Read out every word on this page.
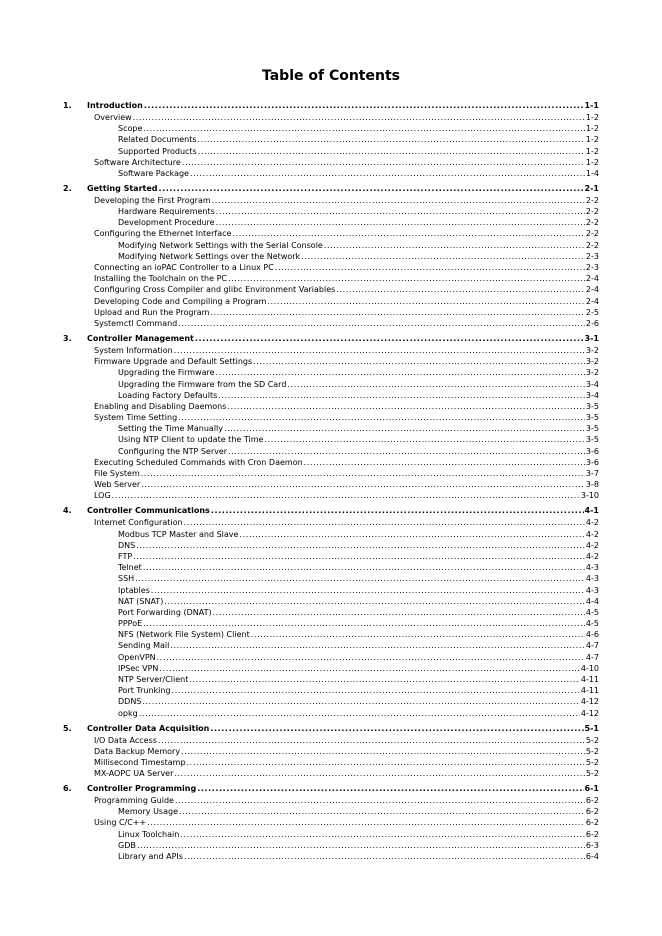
Table of Contents
1. Introduction .....	1-1
Overview .....	1-2
Scope .....	1-2
Related Documents .....	1-2
Supported Products .....	1-2
Software Architecture .....	1-2
Software Package .....	1-4
2. Getting Started .....	2-1
Developing the First Program .....	2-2
Hardware Requirements .....	2-2
Development Procedure .....	2-2
Configuring the Ethernet Interface .....	2-2
Modifying Network Settings with the Serial Console .....	2-2
Modifying Network Settings over the Network .....	2-3
Connecting an ioPAC Controller to a Linux PC .....	2-3
Installing the Toolchain on the PC .....	2-4
Configuring Cross Compiler and glibc Environment Variables .....	2-4
Developing Code and Compiling a Program .....	2-4
Upload and Run the Program .....	2-5
Systemctl Command .....	2-6
3. Controller Management .....	3-1
System Information .....	3-2
Firmware Upgrade and Default Settings .....	3-2
Upgrading the Firmware .....	3-2
Upgrading the Firmware from the SD Card .....	3-4
Loading Factory Defaults .....	3-4
Enabling and Disabling Daemons .....	3-5
System Time Setting .....	3-5
Setting the Time Manually .....	3-5
Using NTP Client to update the Time .....	3-5
Configuring the NTP Server .....	3-6
Executing Scheduled Commands with Cron Daemon .....	3-6
File System .....	3-7
Web Server .....	3-8
LOG .....	3-10
4. Controller Communications .....	4-1
Internet Configuration .....	4-2
Modbus TCP Master and Slave .....	4-2
DNS .....	4-2
FTP .....	4-2
Telnet .....	4-3
SSH .....	4-3
Iptables .....	4-3
NAT (SNAT) .....	4-4
Port Forwarding (DNAT) .....	4-5
PPPoE .....	4-5
NFS (Network File System) Client .....	4-6
Sending Mail .....	4-7
OpenVPN .....	4-7
IPSec VPN .....	4-10
NTP Server/Client .....	4-11
Port Trunking .....	4-11
DDNS .....	4-12
opkg .....	4-12
5. Controller Data Acquisition .....	5-1
I/O Data Access .....	5-2
Data Backup Memory .....	5-2
Millisecond Timestamp .....	5-2
MX-AOPC UA Server .....	5-2
6. Controller Programming .....	6-1
Programming Guide .....	6-2
Memory Usage .....	6-2
Using C/C++ .....	6-2
Linux Toolchain .....	6-2
GDB .....	6-3
Library and APIs .....	6-4
